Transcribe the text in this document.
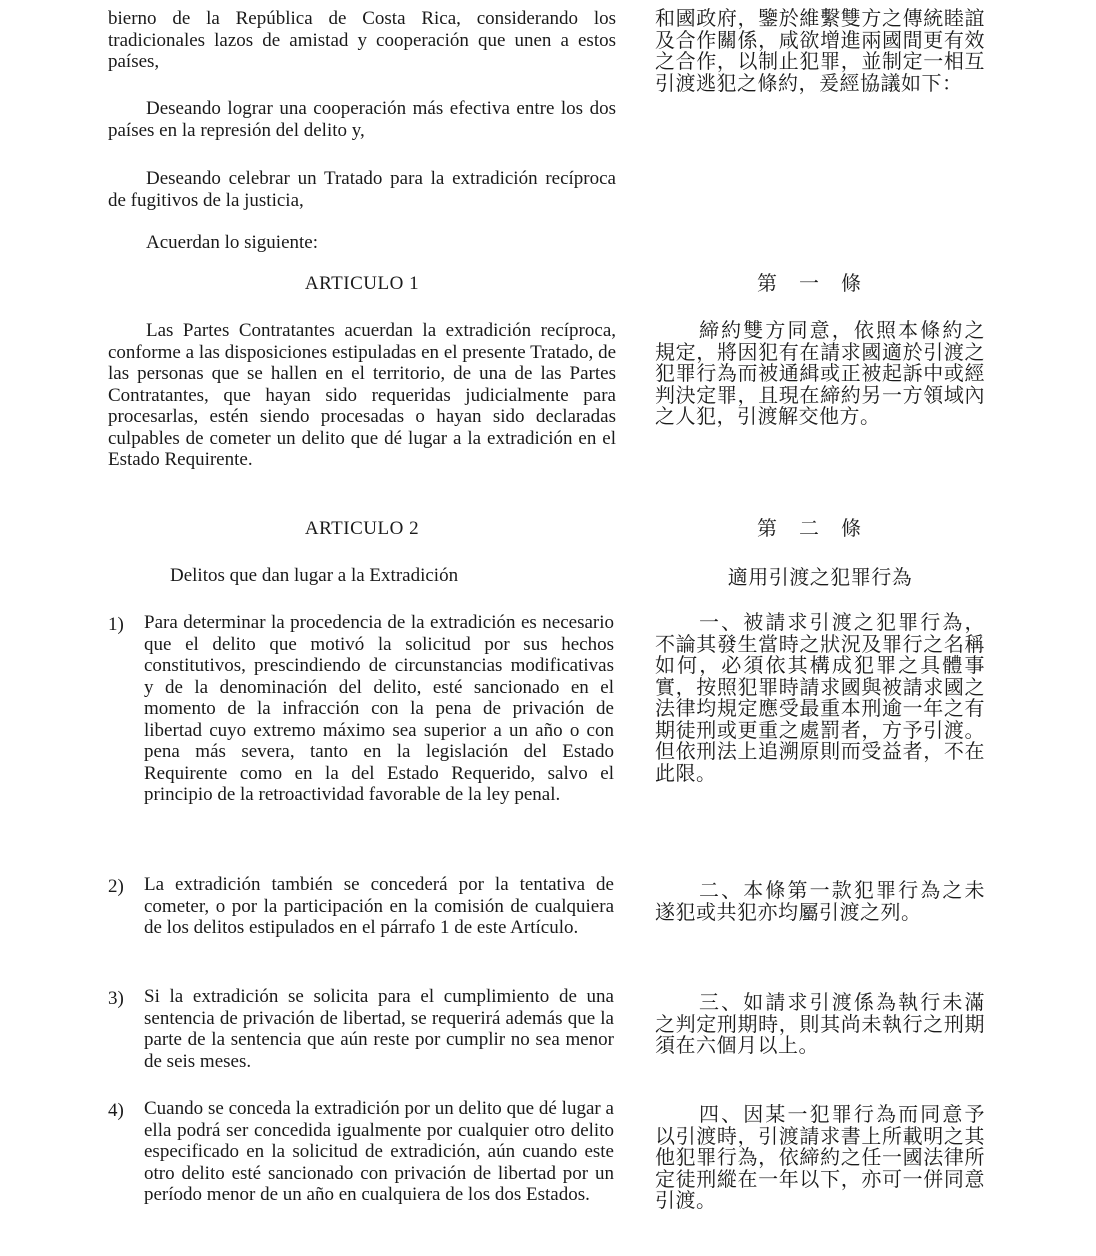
bierno de la República de Costa Rica, considerando los tradicionales lazos de amistad y cooperación que unen a estos países,
Deseando lograr una cooperación más efectiva entre los dos países en la represión del delito y,
Deseando celebrar un Tratado para la extradición recíproca de fugitivos de la justicia,
Acuerdan lo siguiente:
ARTICULO 1
Las Partes Contratantes acuerdan la extradición recíproca, conforme a las disposiciones estipuladas en el presente Tratado, de las personas que se hallen en el territorio, de una de las Partes Contratantes, que hayan sido requeridas judicialmente para procesarlas, estén siendo procesadas o hayan sido declaradas culpables de cometer un delito que dé lugar a la extradición en el Estado Requirente.
ARTICULO 2
Delitos que dan lugar a la Extradición
1) Para determinar la procedencia de la extradición es necesario que el delito que motivó la solicitud por sus hechos constitutivos, prescindiendo de circunstancias modificativas y de la denominación del delito, esté sancionado en el momento de la infracción con la pena de privación de libertad cuyo extremo máximo sea superior a un año o con pena más severa, tanto en la legislación del Estado Requirente como en la del Estado Requerido, salvo el principio de la retroactividad favorable de la ley penal.
2) La extradición también se concederá por la tentativa de cometer, o por la participación en la comisión de cualquiera de los delitos estipulados en el párrafo 1 de este Artículo.
3) Si la extradición se solicita para el cumplimiento de una sentencia de privación de libertad, se requerirá además que la parte de la sentencia que aún reste por cumplir no sea menor de seis meses.
4) Cuando se conceda la extradición por un delito que dé lugar a ella podrá ser concedida igualmente por cualquier otro delito especificado en la solicitud de extradición, aún cuando este otro delito esté sancionado con privación de libertad por un período menor de un año en cualquiera de los dos Estados.
和國政府，鑒於維繫雙方之傳統睦誼及合作關係，咸欲增進兩國間更有效之合作，以制止犯罪，並制定一相互引渡逃犯之條約，爰經協議如下：
第一條
締約雙方同意，依照本條約之規定，將因犯有在請求國適於引渡之犯罪行為而被通緝或正被起訴中或經判決定罪，且現在締約另一方領域內之人犯，引渡解交他方。
第二條
適用引渡之犯罪行為
一、被請求引渡之犯罪行為，不論其發生當時之狀況及罪行之名稱如何，必須依其構成犯罪之具體事實，按照犯罪時請求國與被請求國之法律均規定應受最重本刑逾一年之有期徒刑或更重之處罰者，方予引渡。但依刑法上追溯原則而受益者，不在此限。
二、本條第一款犯罪行為之未遂犯或共犯亦均屬引渡之列。
三、如請求引渡係為執行未滿之判定刑期時，則其尚未執行之刑期須在六個月以上。
四、因某一犯罪行為而同意予以引渡時，引渡請求書上所載明之其他犯罪行為，依締約之任一國法律所定徒刑縱在一年以下，亦可一併同意引渡。
